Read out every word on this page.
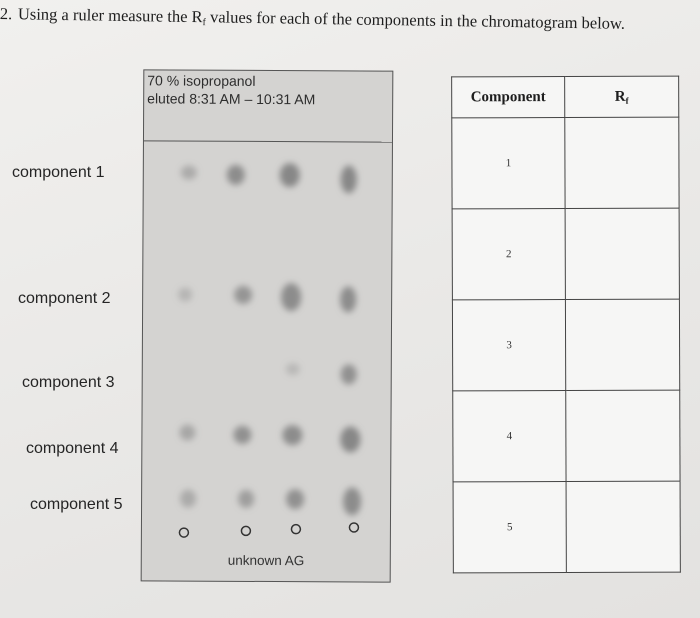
2. Using a ruler measure the $R_f$ values for each of the components in the chromatogram below.
component 1
component 2
component 3
component 4
component 5
70 % isopropanol
eluted 8:31 AM – 10:31 AM
unknown AG
Component	$R_f$
1	
2	
3	
4	
5	
